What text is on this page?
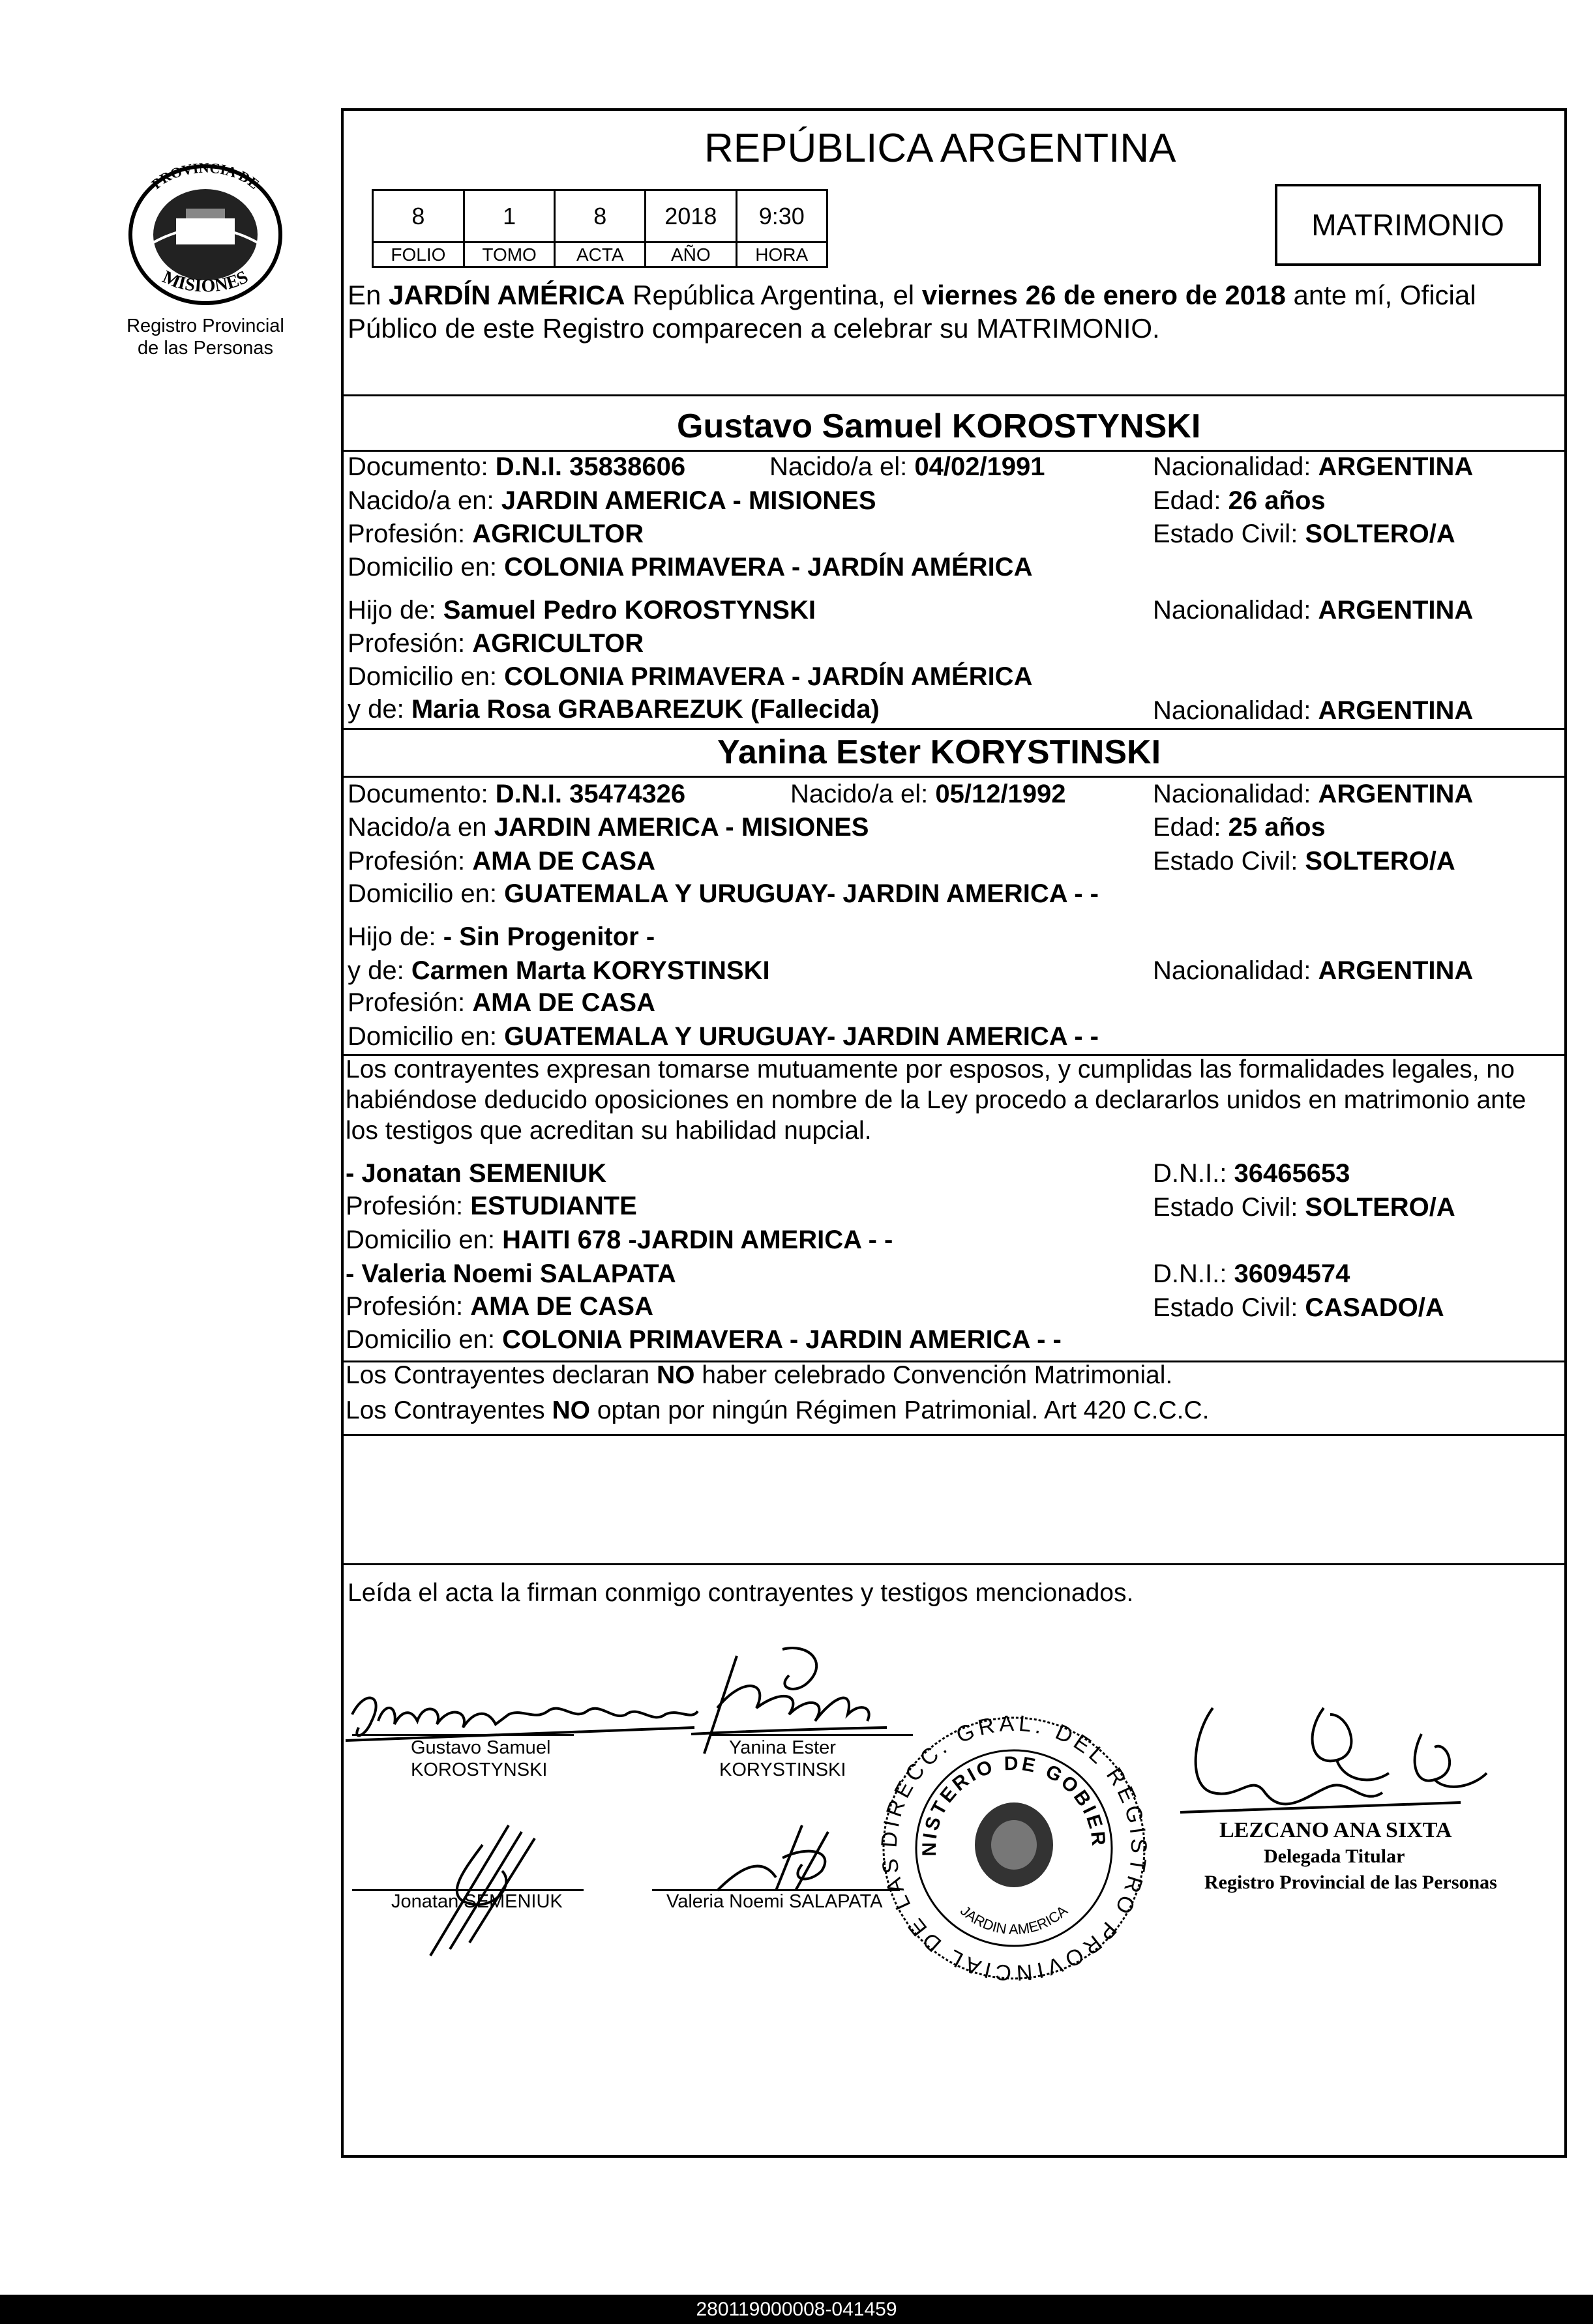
PROVINCIA DE
MISIONES
Registro Provincial
de las Personas
REPÚBLICA ARGENTINA
8	1	8	2018	9:30
FOLIO	TOMO	ACTA	AÑO	HORA
MATRIMONIO
En JARDÍN AMÉRICA República Argentina, el viernes 26 de enero de 2018 ante mí, Oficial
Público de este Registro comparecen a celebrar su MATRIMONIO.
Gustavo Samuel KOROSTYNSKI
Documento: D.N.I. 35838606	Nacido/a el: 04/02/1991	Nacionalidad: ARGENTINA
Nacido/a en: JARDIN AMERICA - MISIONES	Edad: 26 años
Profesión: AGRICULTOR	Estado Civil: SOLTERO/A
Domicilio en: COLONIA PRIMAVERA - JARDÍN AMÉRICA
Hijo de: Samuel Pedro KOROSTYNSKI	Nacionalidad: ARGENTINA
Profesión: AGRICULTOR
Domicilio en: COLONIA PRIMAVERA - JARDÍN AMÉRICA
y de: Maria Rosa GRABAREZUK (Fallecida)	Nacionalidad: ARGENTINA
Yanina Ester KORYSTINSKI
Documento: D.N.I. 35474326	Nacido/a el: 05/12/1992	Nacionalidad: ARGENTINA
Nacido/a en JARDIN AMERICA - MISIONES	Edad: 25 años
Profesión: AMA DE CASA	Estado Civil: SOLTERO/A
Domicilio en: GUATEMALA Y URUGUAY- JARDIN AMERICA - -
Hijo de: - Sin Progenitor -
y de: Carmen Marta KORYSTINSKI	Nacionalidad: ARGENTINA
Profesión: AMA DE CASA
Domicilio en: GUATEMALA Y URUGUAY- JARDIN AMERICA - -
Los contrayentes expresan tomarse mutuamente por esposos, y cumplidas las formalidades legales, no
habiéndose deducido oposiciones en nombre de la Ley procedo a declararlos unidos en matrimonio ante
los testigos que acreditan su habilidad nupcial.
- Jonatan SEMENIUK	D.N.I.: 36465653
Profesión: ESTUDIANTE	Estado Civil: SOLTERO/A
Domicilio en: HAITI 678 -JARDIN AMERICA - -
- Valeria Noemi SALAPATA	D.N.I.: 36094574
Profesión: AMA DE CASA	Estado Civil: CASADO/A
Domicilio en: COLONIA PRIMAVERA - JARDIN AMERICA - -
Los Contrayentes declaran NO haber celebrado Convención Matrimonial.
Los Contrayentes NO optan por ningún Régimen Patrimonial. Art 420 C.C.C.
Leída el acta la firman conmigo contrayentes y testigos mencionados.
Gustavo Samuel
KOROSTYNSKI
Yanina Ester
KORYSTINSKI
Jonatan SEMENIUK	Valeria Noemi SALAPATA
DIRECC. GRAL. DEL REGISTRO PROVINCIAL DE LAS
NISTERIO DE GOBIER
JARDIN AMERICA
LEZCANO ANA SIXTA
Delegada Titular
Registro Provincial de las Personas
280119000008-041459
